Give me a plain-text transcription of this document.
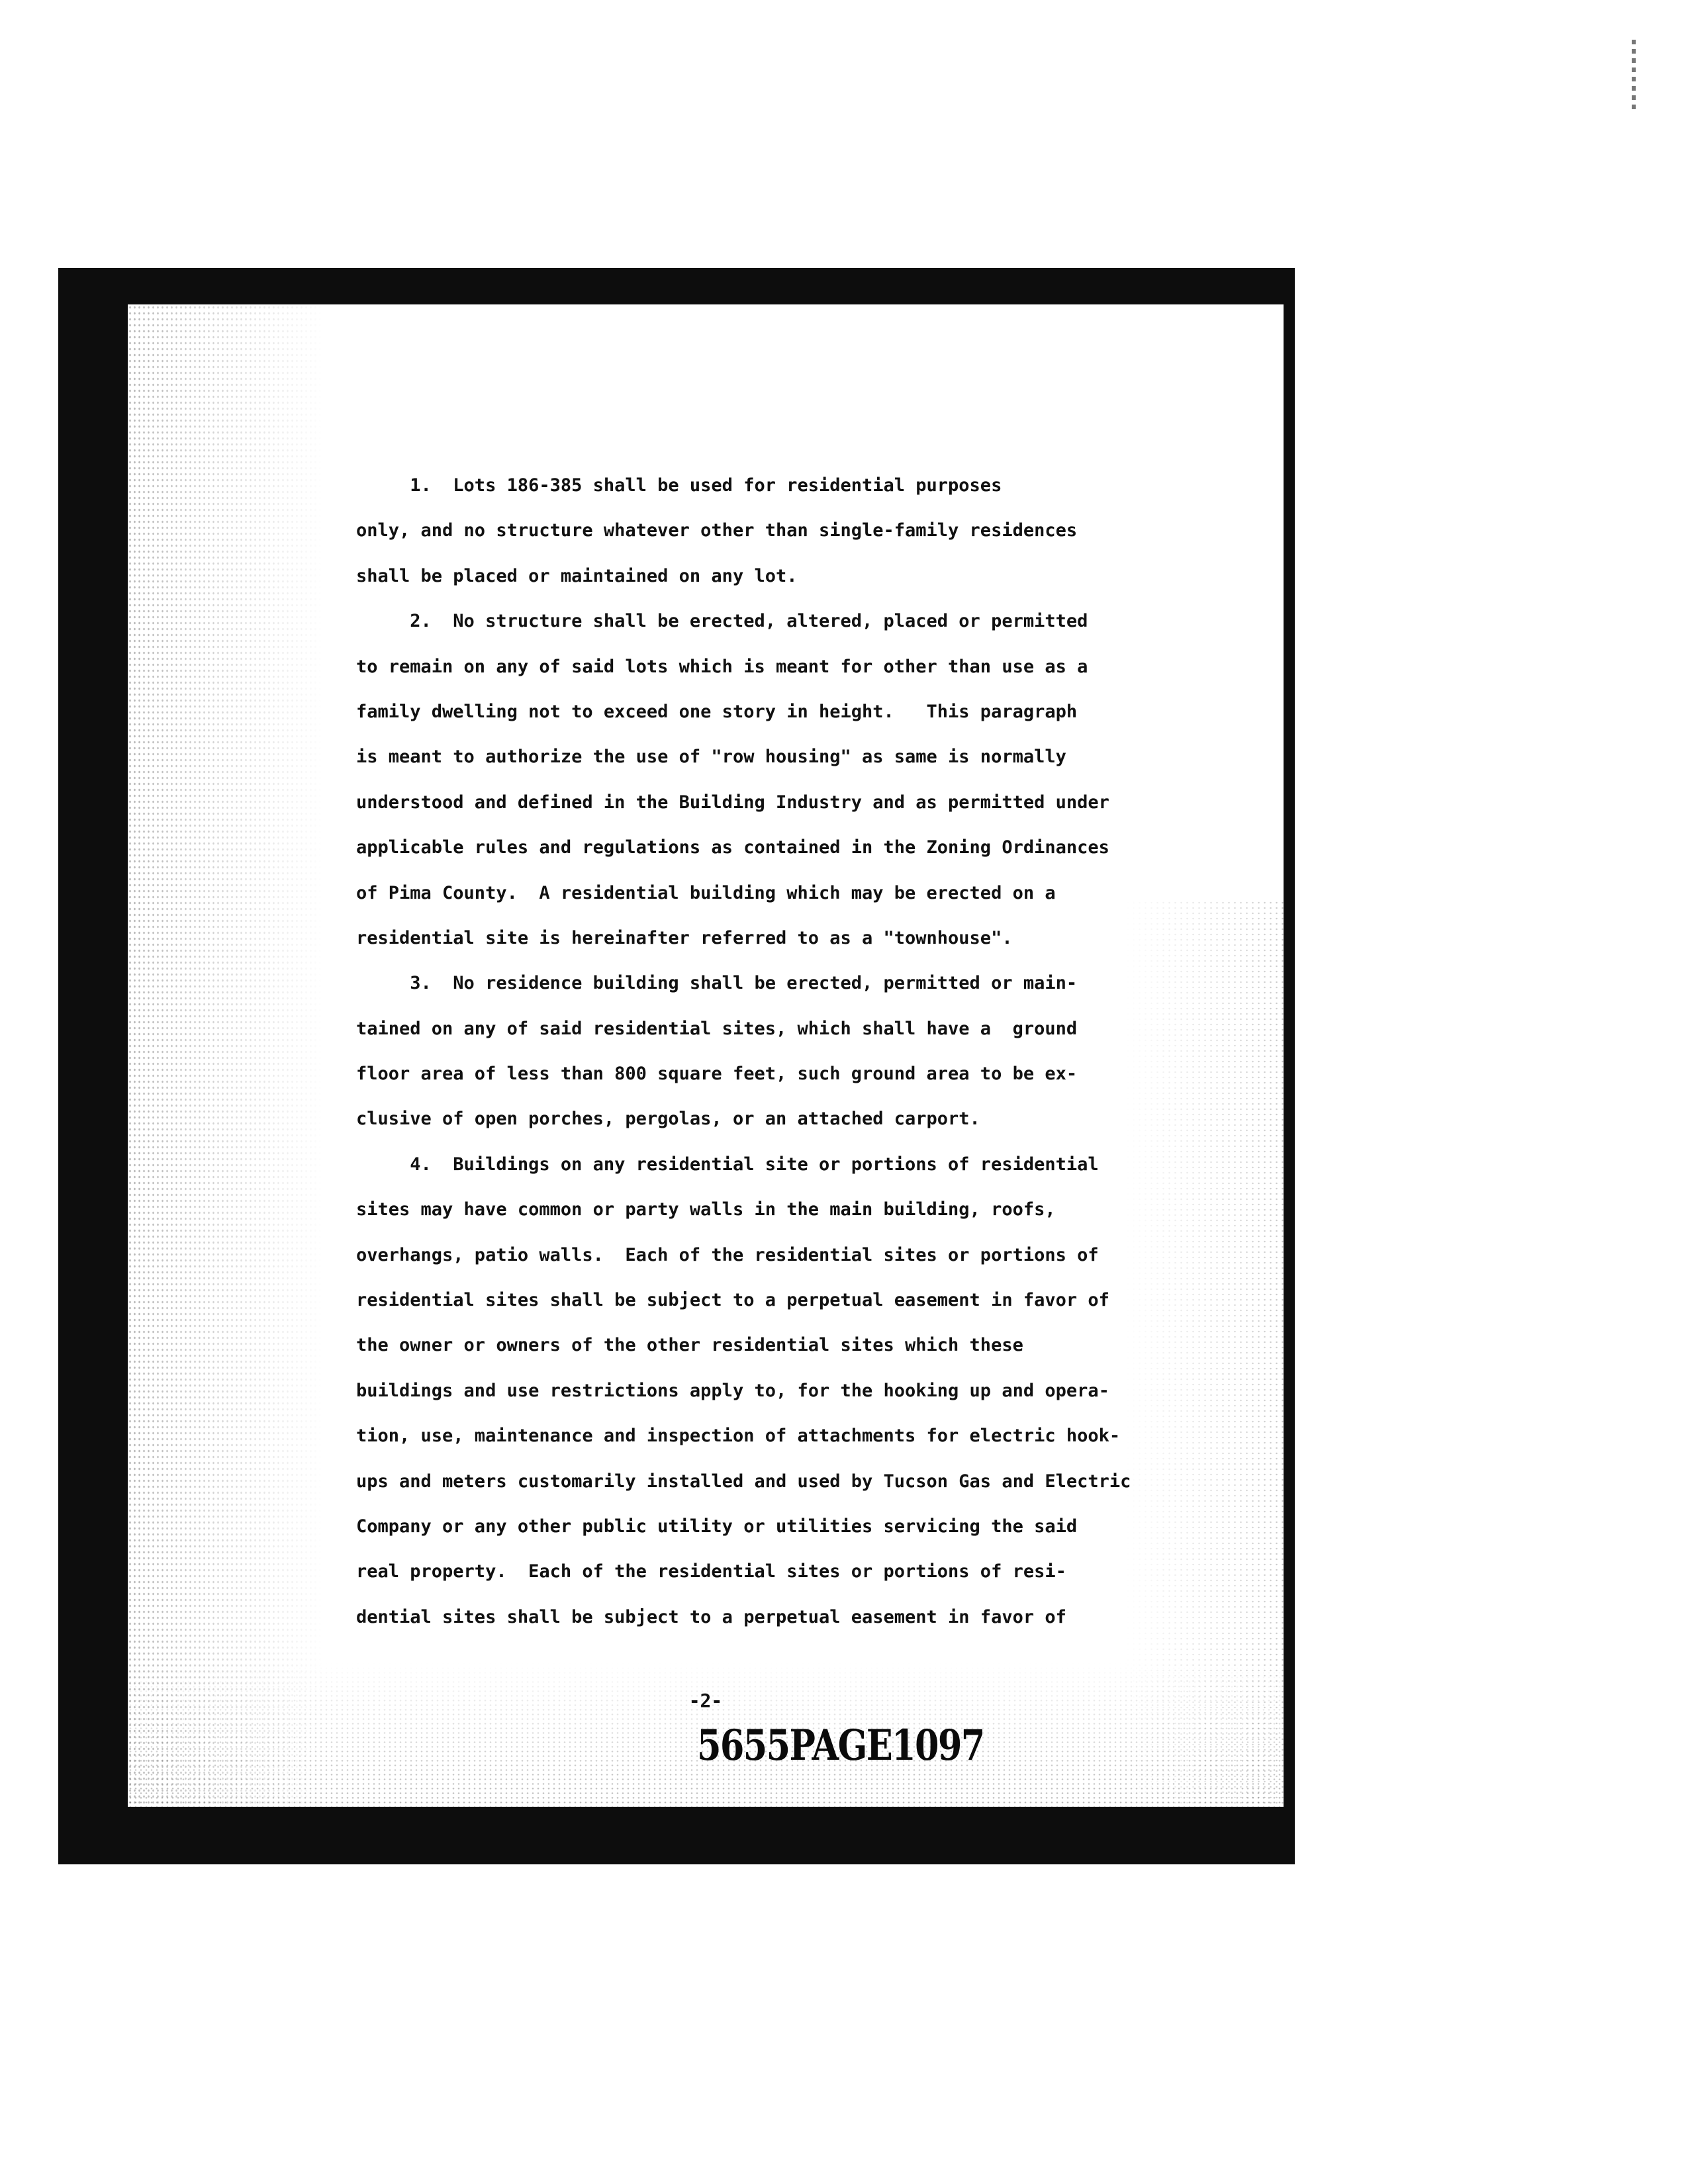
1.  Lots 186-385 shall be used for residential purposes
only, and no structure whatever other than single-family residences
shall be placed or maintained on any lot.
2.  No structure shall be erected, altered, placed or permitted
to remain on any of said lots which is meant for other than use as a
family dwelling not to exceed one story in height.   This paragraph
is meant to authorize the use of "row housing" as same is normally
understood and defined in the Building Industry and as permitted under
applicable rules and regulations as contained in the Zoning Ordinances
of Pima County.  A residential building which may be erected on a
residential site is hereinafter referred to as a "townhouse".
3.  No residence building shall be erected, permitted or main-
tained on any of said residential sites, which shall have a  ground
floor area of less than 800 square feet, such ground area to be ex-
clusive of open porches, pergolas, or an attached carport.
4.  Buildings on any residential site or portions of residential
sites may have common or party walls in the main building, roofs,
overhangs, patio walls.  Each of the residential sites or portions of
residential sites shall be subject to a perpetual easement in favor of
the owner or owners of the other residential sites which these
buildings and use restrictions apply to, for the hooking up and opera-
tion, use, maintenance and inspection of attachments for electric hook-
ups and meters customarily installed and used by Tucson Gas and Electric
Company or any other public utility or utilities servicing the said
real property.  Each of the residential sites or portions of resi-
dential sites shall be subject to a perpetual easement in favor of
-2-
5655PAGE1097
